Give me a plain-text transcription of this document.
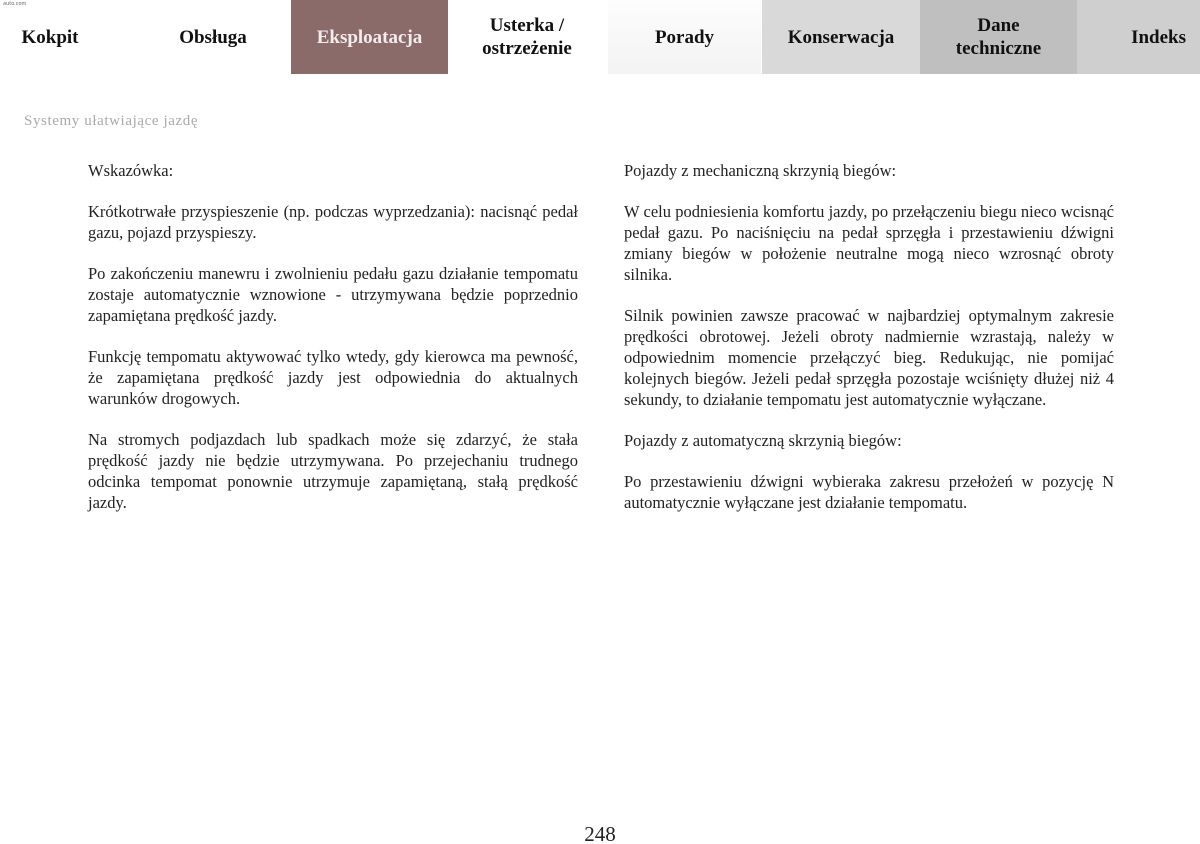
auto.com
Kokpit	Obsługa	Eksploatacja
Usterka /
ostrzeżenie
Porady	Konserwacja
Dane
techniczne
Indeks
Systemy ułatwiające jazdę

Wskazówka:

Krótkotrwałe przyspieszenie (np. podczas wyprzedzania): nacisnąć pedał gazu, pojazd przyspieszy.

Po zakończeniu manewru i zwolnieniu pedału gazu działanie tempomatu zostaje automatycznie wznowione - utrzymywana będzie poprzednio zapamiętana prędkość jazdy.

Funkcję tempomatu aktywować tylko wtedy, gdy kierowca ma pewność, że zapamiętana prędkość jazdy jest odpowiednia do aktualnych warunków drogowych.

Na stromych podjazdach lub spadkach może się zdarzyć, że stała prędkość jazdy nie będzie utrzymywana. Po przejechaniu trudnego odcinka tempomat ponownie utrzymuje zapamiętaną, stałą prędkość jazdy.

Pojazdy z mechaniczną skrzynią biegów:

W celu podniesienia komfortu jazdy, po przełączeniu biegu nieco wcisnąć pedał gazu. Po naciśnięciu na pedał sprzęgła i przestawieniu dźwigni zmiany biegów w położenie neutralne mogą nieco wzrosnąć obroty silnika.

Silnik powinien zawsze pracować w najbardziej optymalnym zakresie prędkości obrotowej. Jeżeli obroty nadmiernie wzrastają, należy w odpowiednim momencie przełączyć bieg. Redukując, nie pomijać kolejnych biegów. Jeżeli pedał sprzęgła pozostaje wciśnięty dłużej niż 4 sekundy, to działanie tempomatu jest automatycznie wyłączane.

Pojazdy z automatyczną skrzynią biegów:

Po przestawieniu dźwigni wybieraka zakresu przełożeń w pozycję N automatycznie wyłączane jest działanie tempomatu.

248
